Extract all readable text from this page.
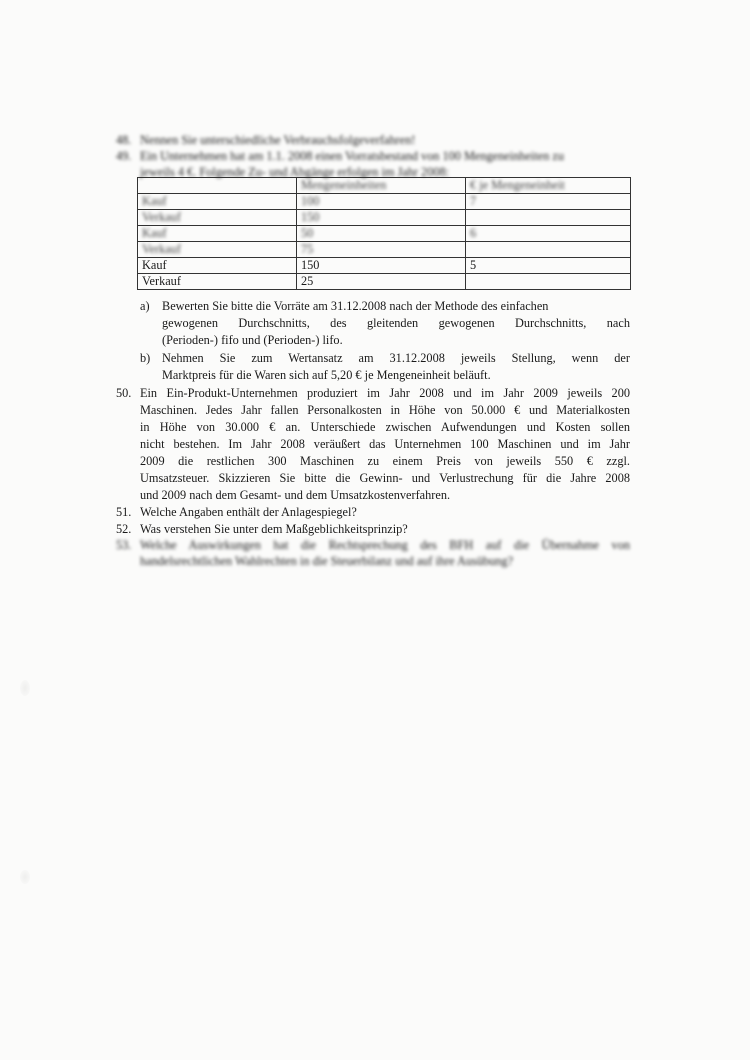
48. Nennen Sie unterschiedliche Verbrauchsfolgeverfahren!
49. Ein Unternehmen hat am 1.1. 2008 einen Vorratsbestand von 100 Mengeneinheiten zu
jeweils 4 €. Folgende Zu- und Abgänge erfolgen im Jahr 2008:
	Mengeneinheiten	€ je Mengeneinheit
Kauf	100	7
Verkauf	150	
Kauf	50	6
Verkauf	75	
Kauf	150	5
Verkauf	25	
a) Bewerten Sie bitte die Vorräte am 31.12.2008 nach der Methode des einfachen
gewogenen Durchschnitts, des gleitenden gewogenen Durchschnitts, nach
(Perioden-) fifo und (Perioden-) lifo.
b) Nehmen Sie zum Wertansatz am 31.12.2008 jeweils Stellung, wenn der
Marktpreis für die Waren sich auf 5,20 € je Mengeneinheit beläuft.
50. Ein Ein-Produkt-Unternehmen produziert im Jahr 2008 und im Jahr 2009 jeweils 200
Maschinen. Jedes Jahr fallen Personalkosten in Höhe von 50.000 € und Materialkosten
in Höhe von 30.000 € an. Unterschiede zwischen Aufwendungen und Kosten sollen
nicht bestehen. Im Jahr 2008 veräußert das Unternehmen 100 Maschinen und im Jahr
2009 die restlichen 300 Maschinen zu einem Preis von jeweils 550 € zzgl.
Umsatzsteuer. Skizzieren Sie bitte die Gewinn- und Verlustrechung für die Jahre 2008
und 2009 nach dem Gesamt- und dem Umsatzkostenverfahren.
51. Welche Angaben enthält der Anlagespiegel?
52. Was verstehen Sie unter dem Maßgeblichkeitsprinzip?
53. Welche Auswirkungen hat die Rechtsprechung des BFH auf die Übernahme von
handelsrechtlichen Wahlrechten in die Steuerbilanz und auf ihre Ausübung?
